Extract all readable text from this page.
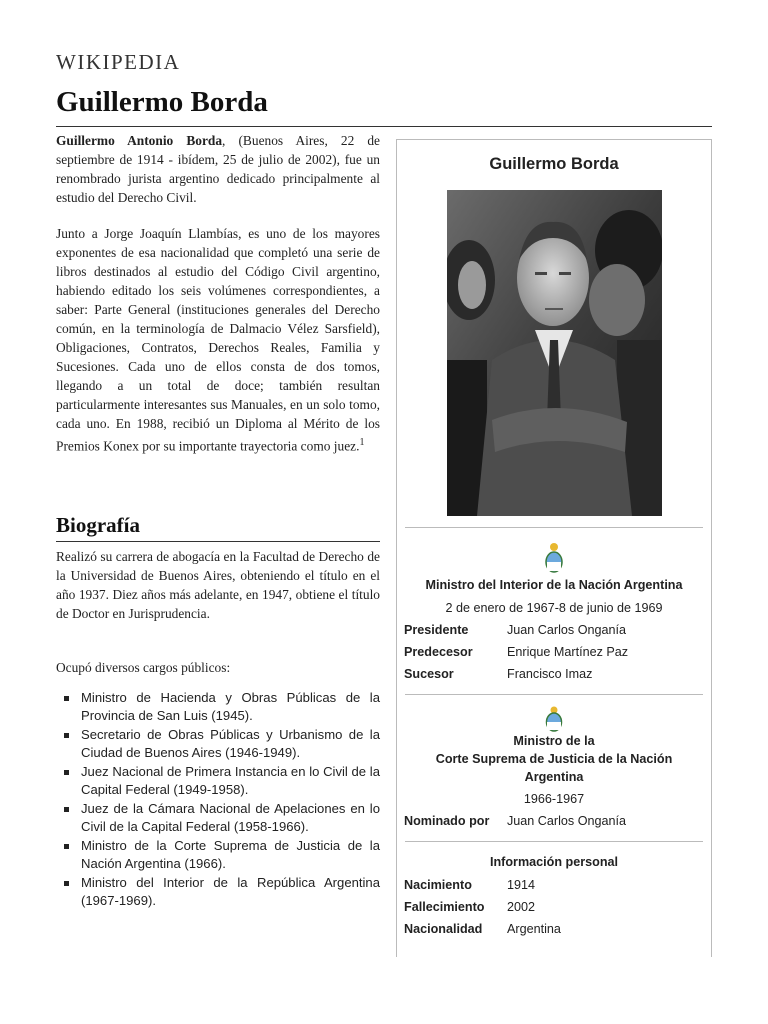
WIKIPEDIA
Guillermo Borda

Guillermo Antonio Borda, (Buenos Aires, 22 de septiembre de 1914 - ibídem, 25 de julio de 2002), fue un renombrado jurista argentino dedicado principalmente al estudio del Derecho Civil.

Junto a Jorge Joaquín Llambías, es uno de los mayores exponentes de esa nacionalidad que completó una serie de libros destinados al estudio del Código Civil argentino, habiendo editado los seis volúmenes correspondientes, a saber: Parte General (instituciones generales del Derecho común, en la terminología de Dalmacio Vélez Sarsfield), Obligaciones, Contratos, Derechos Reales, Familia y Sucesiones. Cada uno de ellos consta de dos tomos, llegando a un total de doce; también resultan particularmente interesantes sus Manuales, en un solo tomo, cada uno. En 1988, recibió un Diploma al Mérito de los Premios Konex por su importante trayectoria como juez.$^1$

Biografía

Realizó su carrera de abogacía en la Facultad de Derecho de la Universidad de Buenos Aires, obteniendo el título en el año 1937. Diez años más adelante, en 1947, obtiene el título de Doctor en Jurisprudencia.

Ocupó diversos cargos públicos:

Ministro de Hacienda y Obras Públicas de la Provincia de San Luis (1945).
Secretario de Obras Públicas y Urbanismo de la Ciudad de Buenos Aires (1946-1949).
Juez Nacional de Primera Instancia en lo Civil de la Capital Federal (1949-1958).
Juez de la Cámara Nacional de Apelaciones en lo Civil de la Capital Federal (1958-1966).
Ministro de la Corte Suprema de Justicia de la Nación Argentina (1966).
Ministro del Interior de la República Argentina (1967-1969).
Guillermo Borda
Ministro del Interior de la Nación Argentina
2 de enero de 1967-8 de junio de 1969
Presidente	Juan Carlos Onganía
Predecesor	Enrique Martínez Paz
Sucesor	Francisco Imaz
Ministro de la
Corte Suprema de Justicia de la Nación
Argentina
1966-1967
Nominado por Juan Carlos Onganía
Información personal
Nacimiento	1914
Fallecimiento 2002
Nacionalidad Argentina
